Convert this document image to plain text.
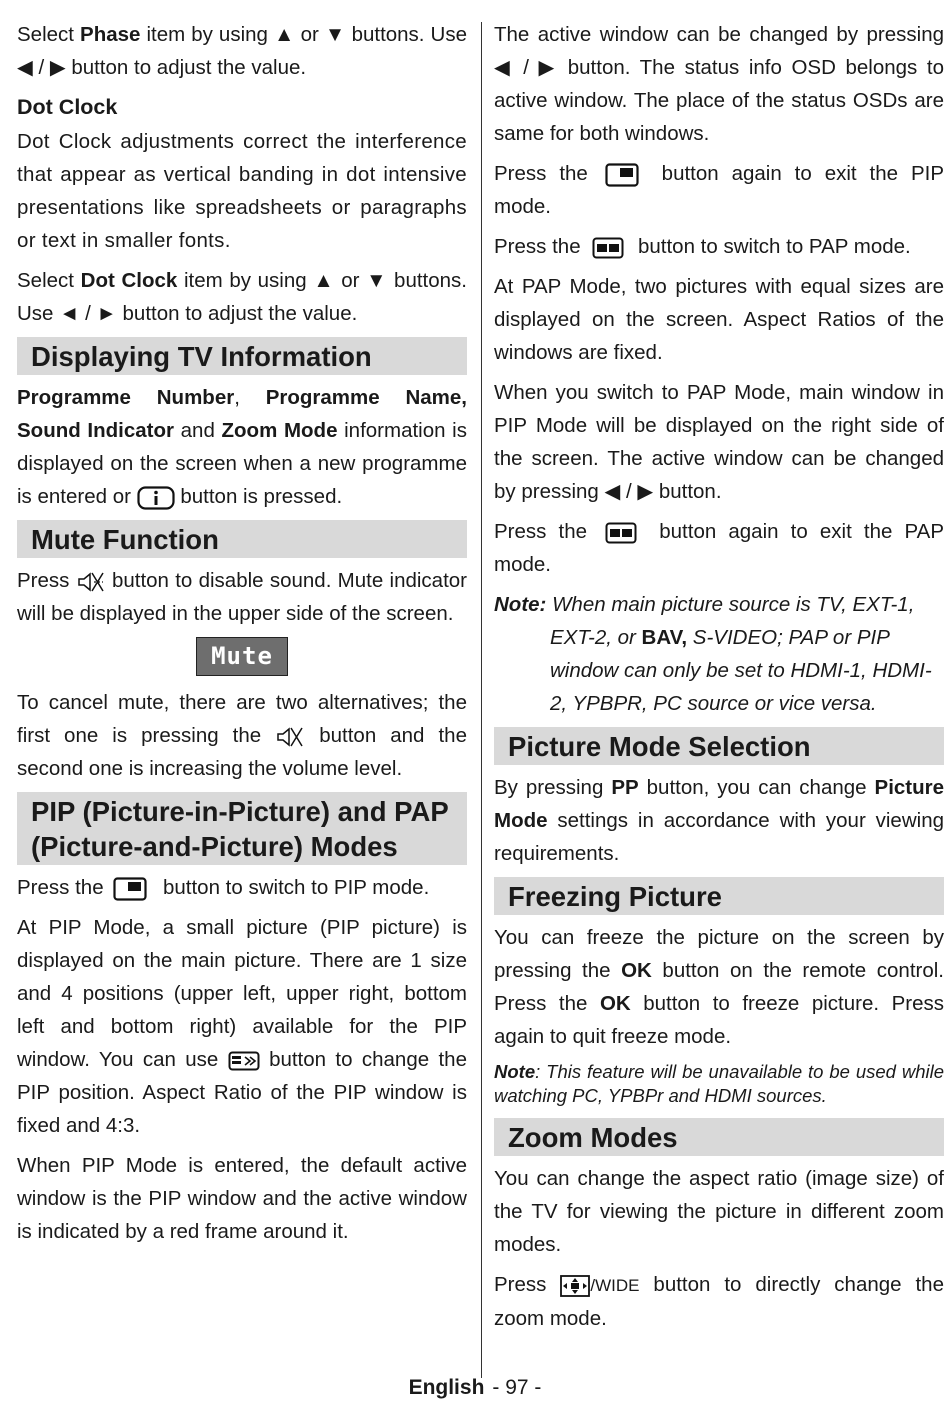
Select Phase item by using ▲ or ▼ buttons. Use ◀ / ▶ button to adjust the value.

Dot Clock

Dot Clock adjustments correct the interference that appear as vertical banding in dot intensive presentations like spreadsheets or paragraphs or text in smaller fonts.

Select Dot Clock item by using ▲ or ▼ buttons. Use ◄ / ► button to adjust the value.

Displaying TV Information

Programme Number, Programme Name, Sound Indicator and Zoom Mode information is displayed on the screen when a new programme is entered or
button is pressed.

Mute Function

Press
button to disable sound. Mute indicator will be displayed in the upper side of the screen.

Mute

To cancel mute, there are two alternatives; the first one is pressing the
button and the second one is increasing the volume level.

PIP (Picture-in-Picture) and PAP
(Picture-and-Picture) Modes

Press the
button to switch to PIP mode.

At PIP Mode, a small picture (PIP picture) is displayed on the main picture. There are 1 size and 4 positions (upper left, upper right, bottom left and bottom right) available for the PIP window. You can use
button to change the PIP position. Aspect Ratio of the PIP window is fixed and 4:3.

When PIP Mode is entered, the default active window is the PIP window and the active window is indicated by a red frame around it.

The active window can be changed by pressing ◀ / ▶ button. The status info OSD belongs to active window. The place of the status OSDs are same for both windows.

Press the
button again to exit the PIP mode.

Press the
button to switch to PAP mode.

At PAP Mode, two pictures with equal sizes are displayed on the screen. Aspect Ratios of the windows are fixed.

When you switch to PAP Mode, main window in PIP Mode will be displayed on the right side of the screen. The active window can be changed by pressing ◀ / ▶ button.

Press the
button again to exit the PAP mode.

Note: When main picture source is TV, EXT-1,
EXT-2, or BAV, S-VIDEO; PAP or PIP window can only be set to HDMI-1, HDMI-2, YPBPR, PC source or vice versa.
Picture Mode Selection

By pressing PP button, you can change Picture Mode settings in accordance with your viewing requirements.

Freezing Picture

You can freeze the picture on the screen by pressing the OK button on the remote control. Press the OK button to freeze picture. Press again to quit freeze mode.

Note: This feature will be unavailable to be used while watching PC, YPBPr and HDMI sources.
Zoom Modes

You can change the aspect ratio (image size) of the TV for viewing the picture in different zoom modes.

Press
/WIDE button to directly change the zoom mode.

English - 97 -
